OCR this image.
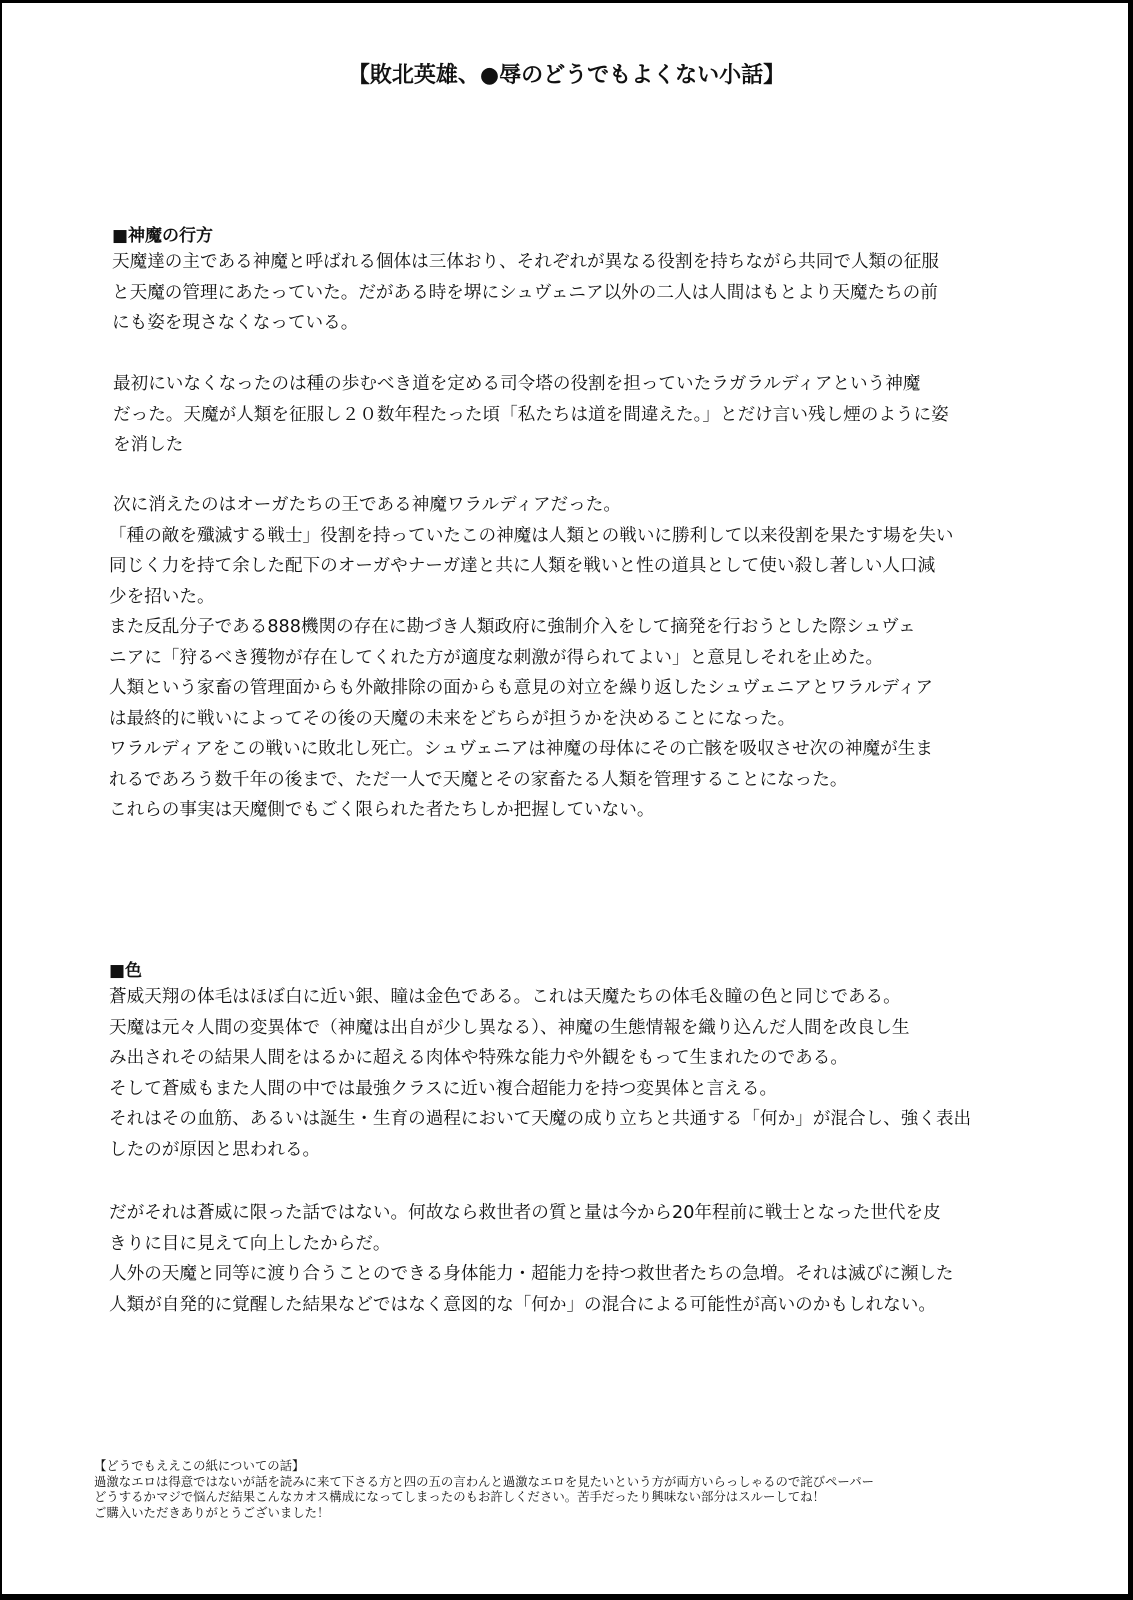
【敗北英雄、●辱のどうでもよくない小話】

■神魔の行方

天魔達の主である神魔と呼ばれる個体は三体おり、それぞれが異なる役割を持ちながら共同で人類の征服

と天魔の管理にあたっていた。だがある時を堺にシュヴェニア以外の二人は人間はもとより天魔たちの前

にも姿を現さなくなっている。

最初にいなくなったのは種の歩むべき道を定める司令塔の役割を担っていたラガラルディアという神魔

だった。天魔が人類を征服し２０数年程たった頃「私たちは道を間違えた。」とだけ言い残し煙のように姿

を消した

次に消えたのはオーガたちの王である神魔ワラルディアだった。

「種の敵を殲滅する戦士」役割を持っていたこの神魔は人類との戦いに勝利して以来役割を果たす場を失い

同じく力を持て余した配下のオーガやナーガ達と共に人類を戦いと性の道具として使い殺し著しい人口減

少を招いた。

また反乱分子である888機関の存在に勘づき人類政府に強制介入をして摘発を行おうとした際シュヴェ

ニアに「狩るべき獲物が存在してくれた方が適度な刺激が得られてよい」と意見しそれを止めた。

人類という家畜の管理面からも外敵排除の面からも意見の対立を繰り返したシュヴェニアとワラルディア

は最終的に戦いによってその後の天魔の未来をどちらが担うかを決めることになった。

ワラルディアをこの戦いに敗北し死亡。シュヴェニアは神魔の母体にその亡骸を吸収させ次の神魔が生ま

れるであろう数千年の後まで、ただ一人で天魔とその家畜たる人類を管理することになった。

これらの事実は天魔側でもごく限られた者たちしか把握していない。

■色

蒼威天翔の体毛はほぼ白に近い銀、瞳は金色である。これは天魔たちの体毛＆瞳の色と同じである。

天魔は元々人間の変異体で（神魔は出自が少し異なる）、神魔の生態情報を織り込んだ人間を改良し生

み出されその結果人間をはるかに超える肉体や特殊な能力や外観をもって生まれたのである。

そして蒼威もまた人間の中では最強クラスに近い複合超能力を持つ変異体と言える。

それはその血筋、あるいは誕生・生育の過程において天魔の成り立ちと共通する「何か」が混合し、強く表出

したのが原因と思われる。

だがそれは蒼威に限った話ではない。何故なら救世者の質と量は今から20年程前に戦士となった世代を皮

きりに目に見えて向上したからだ。

人外の天魔と同等に渡り合うことのできる身体能力・超能力を持つ救世者たちの急増。それは滅びに瀕した

人類が自発的に覚醒した結果などではなく意図的な「何か」の混合による可能性が高いのかもしれない。

【どうでもええこの紙についての話】

過激なエロは得意ではないが話を読みに来て下さる方と四の五の言わんと過激なエロを見たいという方が両方いらっしゃるので詫びペーパー

どうするかマジで悩んだ結果こんなカオス構成になってしまったのもお許しください。苦手だったり興味ない部分はスルーしてね！

ご購入いただきありがとうございました！
